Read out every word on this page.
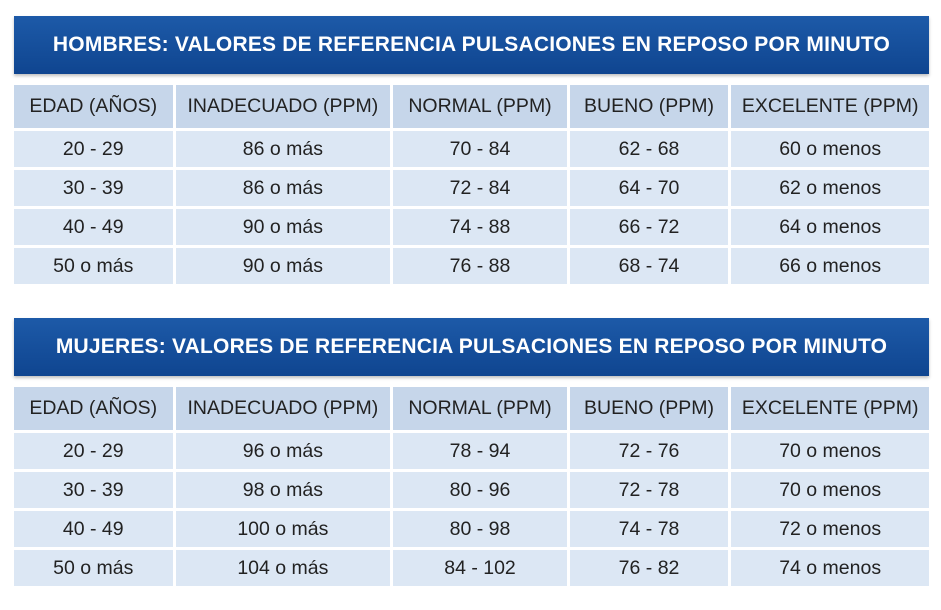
HOMBRES: VALORES DE REFERENCIA PULSACIONES EN REPOSO POR MINUTO
EDAD (AÑOS)	INADECUADO (PPM)	NORMAL (PPM)	BUENO (PPM)	EXCELENTE (PPM)
20 - 29	86 o más	70 - 84	62 - 68	60 o menos
30 - 39	86 o más	72 - 84	64 - 70	62 o menos
40 - 49	90 o más	74 - 88	66 - 72	64 o menos
50 o más	90 o más	76 - 88	68 - 74	66 o menos
MUJERES: VALORES DE REFERENCIA PULSACIONES EN REPOSO POR MINUTO
EDAD (AÑOS)	INADECUADO (PPM)	NORMAL (PPM)	BUENO (PPM)	EXCELENTE (PPM)
20 - 29	96 o más	78 - 94	72 - 76	70 o menos
30 - 39	98 o más	80 - 96	72 - 78	70 o menos
40 - 49	100 o más	80 - 98	74 - 78	72 o menos
50 o más	104 o más	84 - 102	76 - 82	74 o menos
